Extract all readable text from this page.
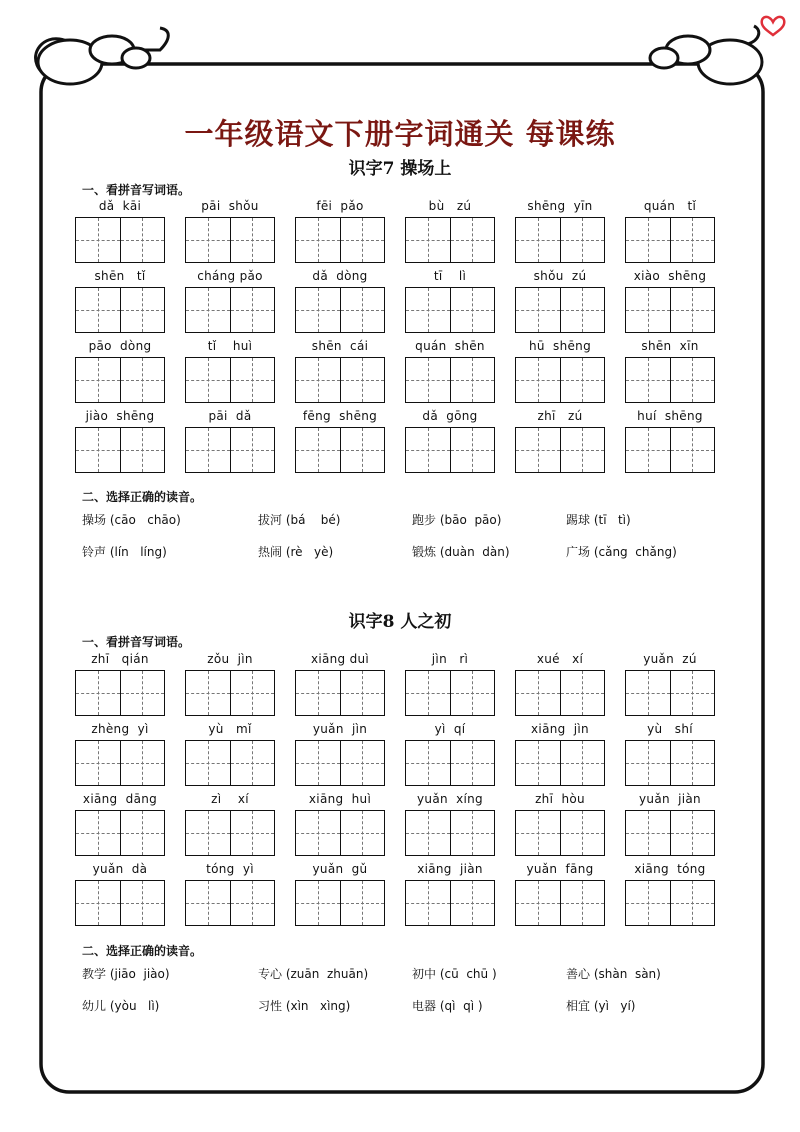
一年级语文下册字词通关 每课练
识字7 操场上
一、看拼音写词语。
dǎ  kāi	pāi  shǒu	fēi  pǎo	bù   zú	shēng  yīn	quán   tǐ
shēn   tǐ	cháng pǎo	dǎ  dòng	tī    lì	shǒu  zú	xiào  shēng
pāo  dòng	tǐ    huì	shēn  cái	quán  shēn	hū  shēng	shēn  xīn
jiào  shēng	pāi  dǎ	fēng  shēng	dǎ  gōng	zhī   zú	huí  shēng
二、选择正确的读音。
操场 (cāo   chāo)	拔河 (bá    bé)	跑步 (bāo  pāo)	踢球 (tī   tì)
铃声 (lín   líng)	热闹 (rè   yè)	锻炼 (duàn  dàn)	广场 (cǎng  chǎng)
识字8 人之初
一、看拼音写词语。
zhī   qián	zǒu  jìn	xiāng duì	jìn   rì	xué   xí	yuǎn  zú
zhèng  yì	yù   mǐ	yuǎn  jìn	yì  qí	xiāng  jìn	yù   shí
xiāng  dāng	zì    xí	xiāng  huì	yuǎn  xíng	zhī  hòu	yuǎn  jiàn
yuǎn  dà	tóng  yì	yuǎn  gǔ	xiāng  jiàn	yuǎn  fāng	xiāng  tóng
二、选择正确的读音。
教学 (jiāo  jiào)	专心 (zuān  zhuān)	初中 (cū  chū )	善心 (shàn  sàn)
幼儿 (yòu   lì)	习性 (xìn   xìng)	电器 (qì  qì )	相宜 (yì   yí)
